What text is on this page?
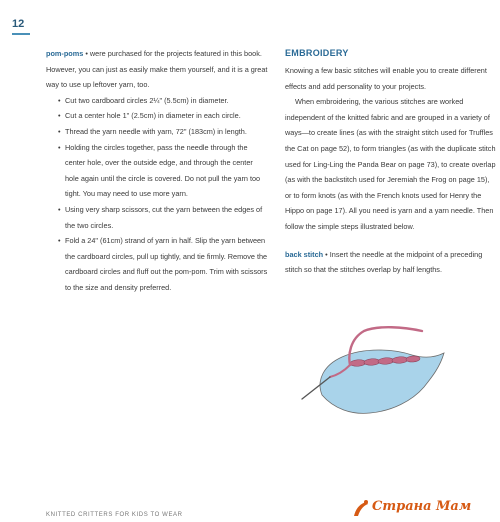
12

pom-poms • were purchased for the projects featured in this book. However, you can just as easily make them yourself, and it is a great way to use up leftover yarn, too.

• Cut two cardboard circles 2¼" (5.5cm) in diameter.
• Cut a center hole 1" (2.5cm) in diameter in each circle.
• Thread the yarn needle with yarn, 72" (183cm) in length.
• Holding the circles together, pass the needle through the center hole, over the outside edge, and through the center hole again until the circle is covered. Do not pull the yarn too tight. You may need to use more yarn.
• Using very sharp scissors, cut the yarn between the edges of the two circles.
• Fold a 24" (61cm) strand of yarn in half. Slip the yarn between the cardboard circles, pull up tightly, and tie firmly. Remove the cardboard circles and fluff out the pom-pom. Trim with scissors to the size and density preferred.
EMBROIDERY

Knowing a few basic stitches will enable you to create different effects and add personality to your projects.

When embroidering, the various stitches are worked independent of the knitted fabric and are grouped in a variety of ways—to create lines (as with the straight stitch used for Truffles the Cat on page 52), to form triangles (as with the duplicate stitch used for Ling-Ling the Panda Bear on page 73), to create overlap (as with the backstitch used for Jeremiah the Frog on page 15), or to form knots (as with the French knots used for Henry the Hippo on page 17). All you need is yarn and a yarn needle. Then follow the simple steps illustrated below.

back stitch • Insert the needle at the midpoint of a preceding stitch so that the stitches overlap by half lengths.

KNITTED CRITTERS FOR KIDS TO WEAR
Страна Мам
